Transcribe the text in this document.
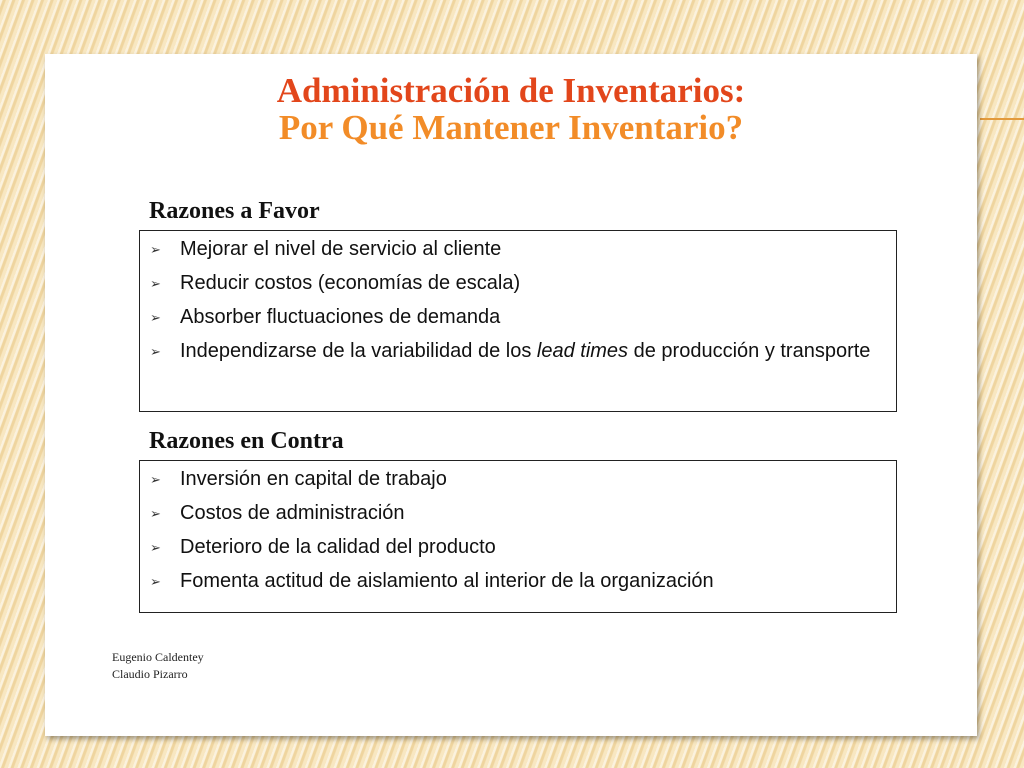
Administración de Inventarios:
Por Qué Mantener Inventario?
Razones a Favor
➢ Mejorar el nivel de servicio al cliente
➢ Reducir costos (economías de escala)
➢ Absorber fluctuaciones de demanda
➢ Independizarse de la variabilidad de los lead times de producción y transporte
Razones en Contra
➢ Inversión en capital de trabajo
➢ Costos de administración
➢ Deterioro de la calidad del producto
➢ Fomenta actitud de aislamiento al interior de la organización
Eugenio Caldentey
Claudio Pizarro
